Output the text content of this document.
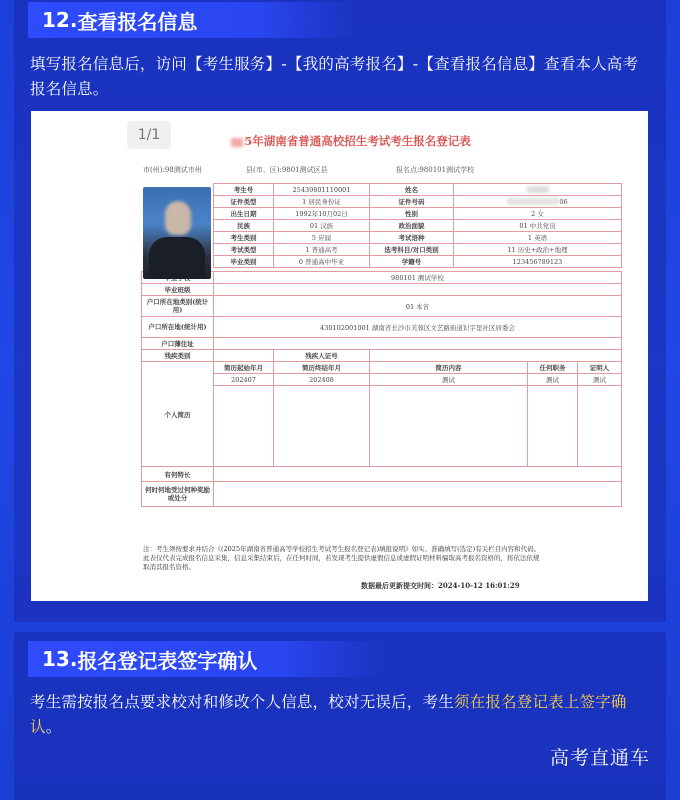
12. 查看报名信息
填写报名信息后，访问【考生服务】-【我的高考报名】-【查看报名信息】查看本人高考报名信息。
1/1	5年湖南省普通高校招生考试考生报名登记表
市(州):98测试市州	县(市、区):9801测试区县	报名点:980101测试学校
	考生号	25439801110001	姓名			
	证件类型	1 居民身份证	证件号码	06		
	出生日期	1992年10月02日	性别	2 女		
	民族	01 汉族	政治面貌	01 中共党员		
	考生类别	5 应届	考试语种	1 英语		
	考试类型	1 普通高考	选考科目/对口类别	11 历史+政治+地理		
	毕业类别	0 普通高中毕业	学籍号	123456789123		

	980101 测试学校					
毕业班级						
户口所在地类别(统计用)	01 本省					
户口所在地(统计用)	430102001001 湖南省长沙市芙蓉区文艺路街道识字里社区居委会					
户口薄住址						
残疾类别		残疾人证号				
个人简历	简历起始年月	简历终结年月	简历内容		任何职务	证明人
	202407	202408	测试		测试	测试

有何特长						
何时何地受过何种奖励或处分						
注：考生须按要求并结合《(2025年湖南省普通高等学校招生考试考生报名登记表)填报说明》如实、准确填写(选定)有关栏目内容和代码。此表仅代表完成报名信息采集，信息采集结束后，在任何时间，若发现考生提供虚假信息或虚假证明材料骗取高考报名资格的，将依法依规取消其报名资格。
数据最后更新提交时间：2024-10-12 16:01:29
13. 报名登记表签字确认
考生需按报名点要求校对和修改个人信息，校对无误后，考生须在报名登记表上签字确认。
高考直通车
